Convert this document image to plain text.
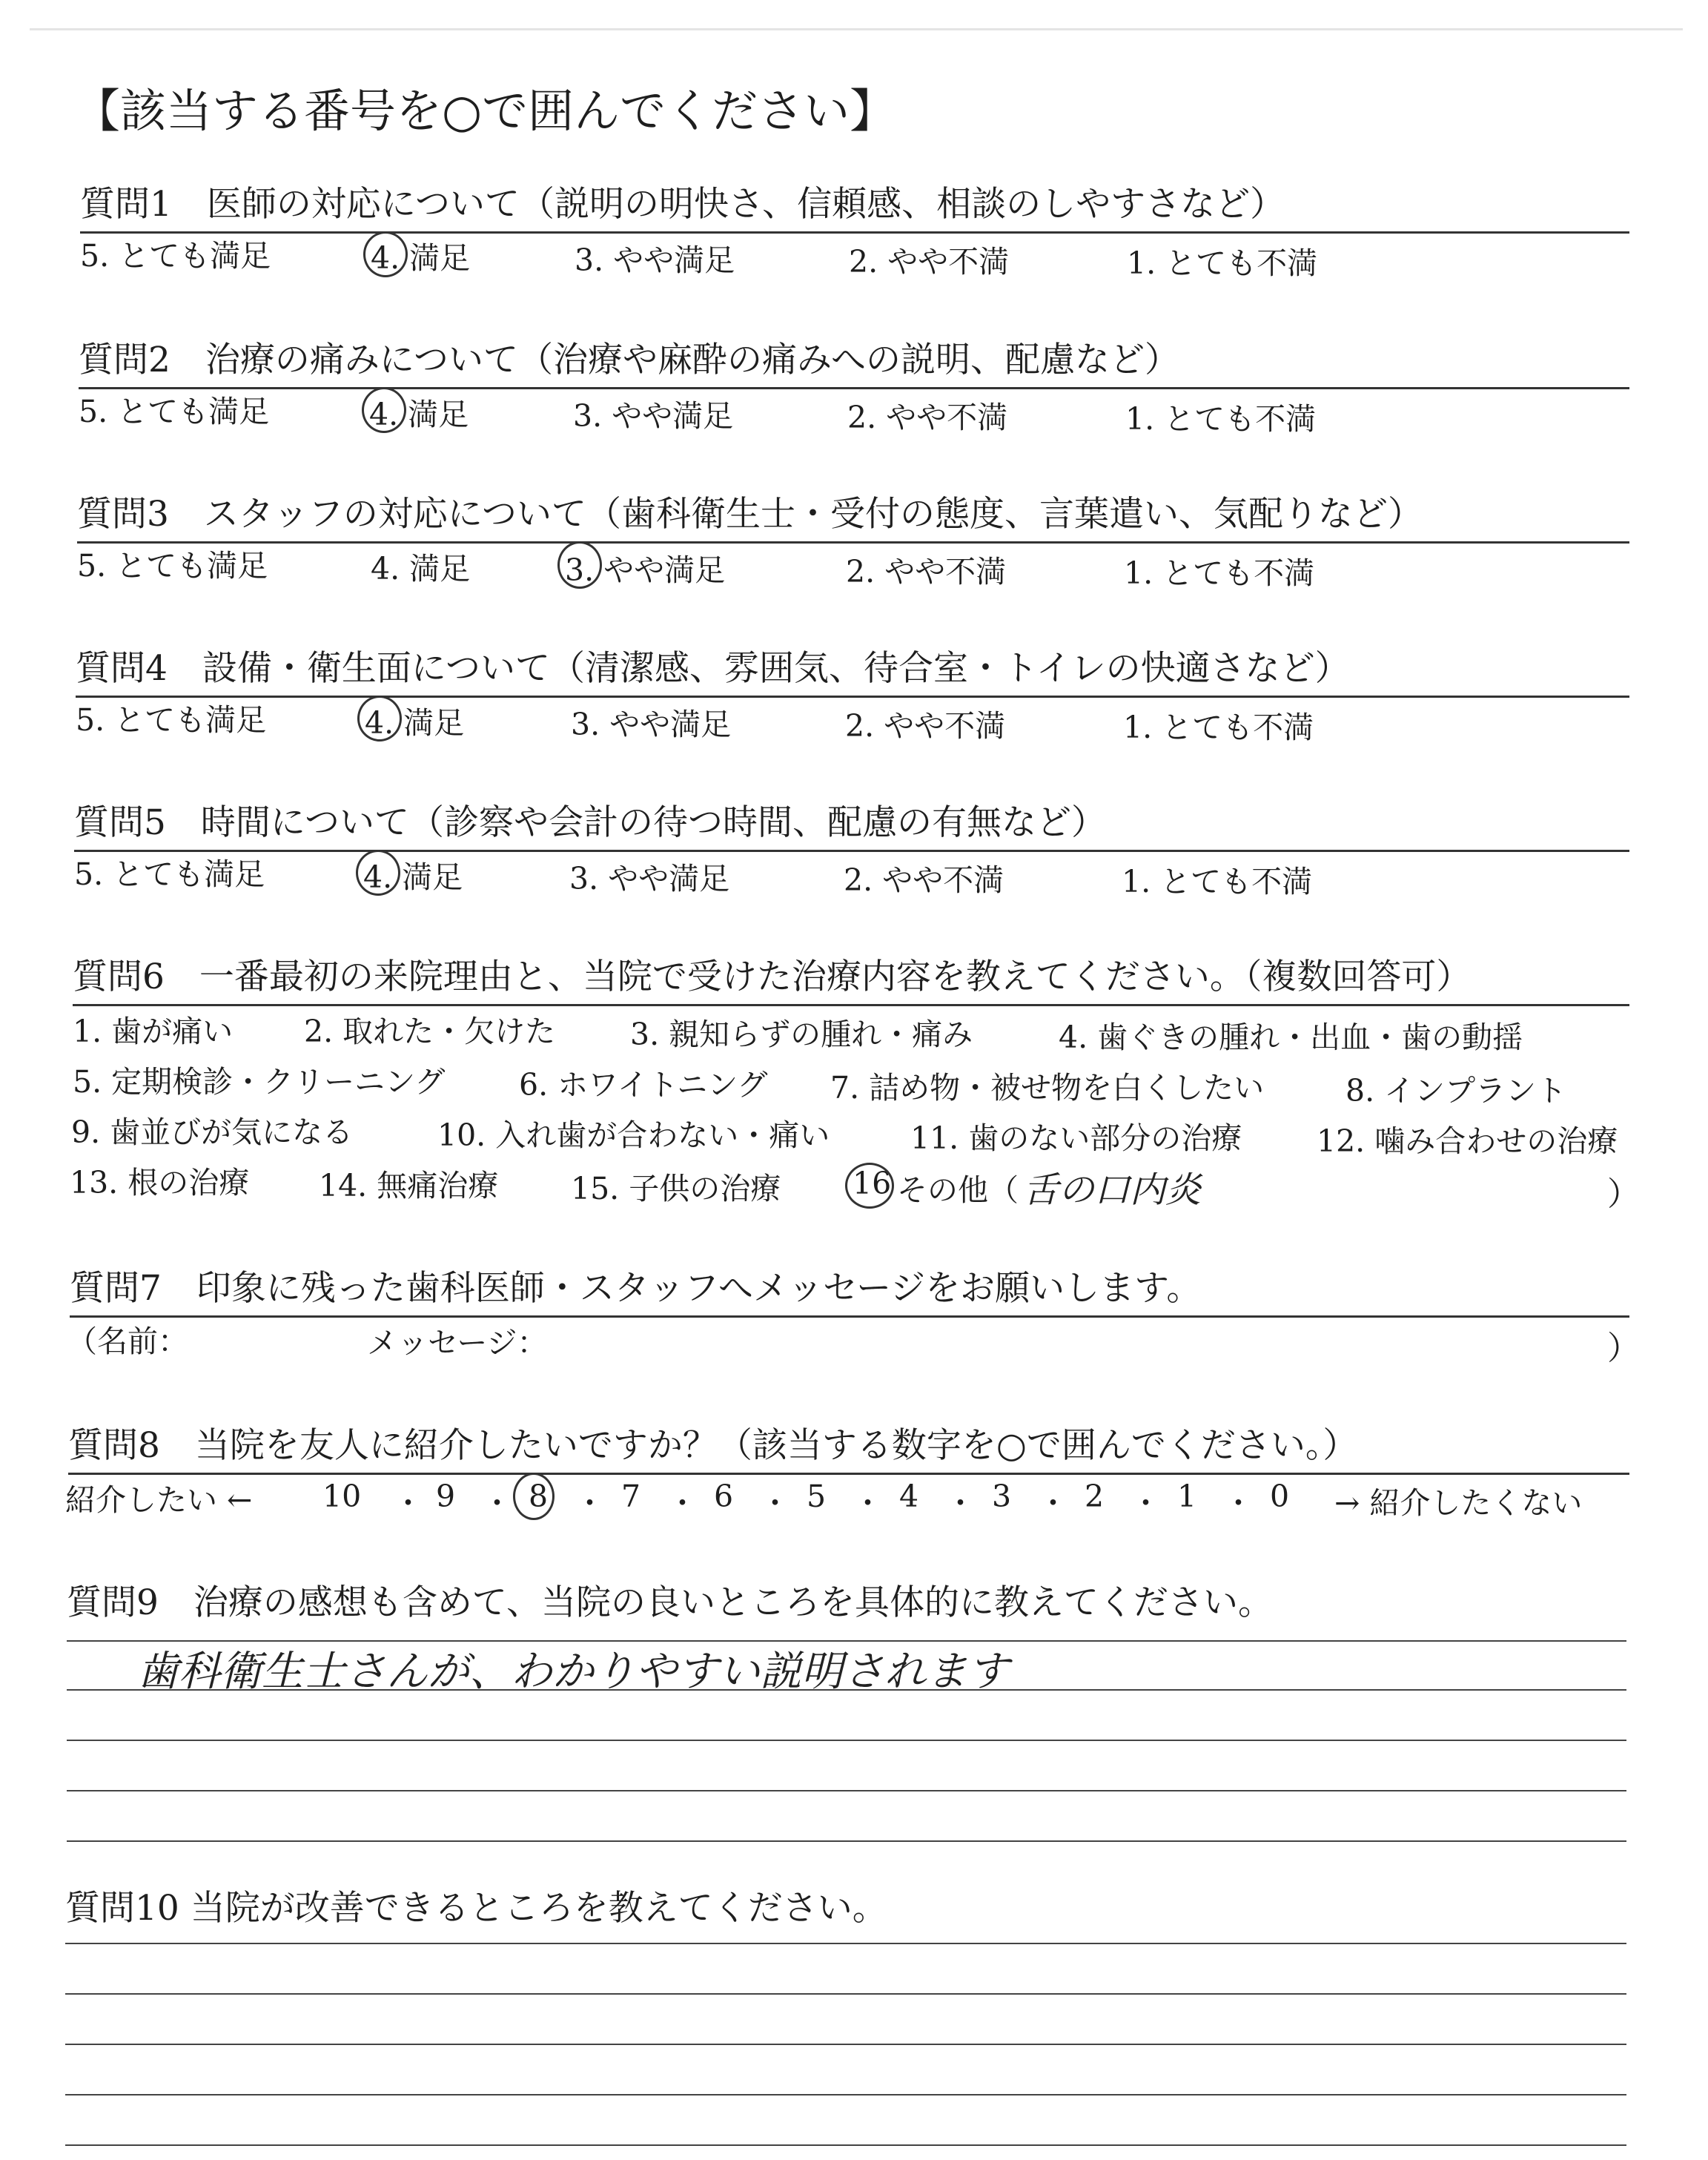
【該当する番号を○で囲んでください】
質問1　医師の対応について（説明の明快さ、信頼感、相談のしやすさなど）
5. とても満足	4. 満足	3. やや満足	2. やや不満	1. とても不満
質問2　治療の痛みについて（治療や麻酔の痛みへの説明、配慮など）
5. とても満足	4. 満足	3. やや満足	2. やや不満	1. とても不満
質問3　スタッフの対応について（歯科衛生士・受付の態度、言葉遣い、気配りなど）
5. とても満足	4. 満足	3. やや満足	2. やや不満	1. とても不満
質問4　設備・衛生面について（清潔感、雰囲気、待合室・トイレの快適さなど）
5. とても満足	4. 満足	3. やや満足	2. やや不満	1. とても不満
質問5　時間について（診察や会計の待つ時間、配慮の有無など）
5. とても満足	4. 満足	3. やや満足	2. やや不満	1. とても不満
質問6　一番最初の来院理由と、当院で受けた治療内容を教えてください。（複数回答可）
1. 歯が痛い 2. 取れた・欠けた 3. 親知らずの腫れ・痛み	4. 歯ぐきの腫れ・出血・歯の動揺
5. 定期検診・クリーニング 6. ホワイトニング 7. 詰め物・被せ物を白くしたい	8. インプラント
9. 歯並びが気になる	10. 入れ歯が合わない・痛い	11. 歯のない部分の治療 12. 噛み合わせの治療
13. 根の治療 14. 無痛治療 15. 子供の治療 16 その他（ 舌の口内炎	）
質問7　印象に残った歯科医師・スタッフへメッセージをお願いします。
（名前：	メッセージ：	）
質問8　当院を友人に紹介したいですか？（該当する数字を○で囲んでください。）
紹介したい ← 10 ・ 9 ・ 8 ・ 7 ・ 6 ・ 5 ・ 4 ・ 3 ・ 2 ・ 1 ・ 0 → 紹介したくない
質問9　治療の感想も含めて、当院の良いところを具体的に教えてください。
歯科衛生士さんが、わかりやすい説明されます
質問10 当院が改善できるところを教えてください。
